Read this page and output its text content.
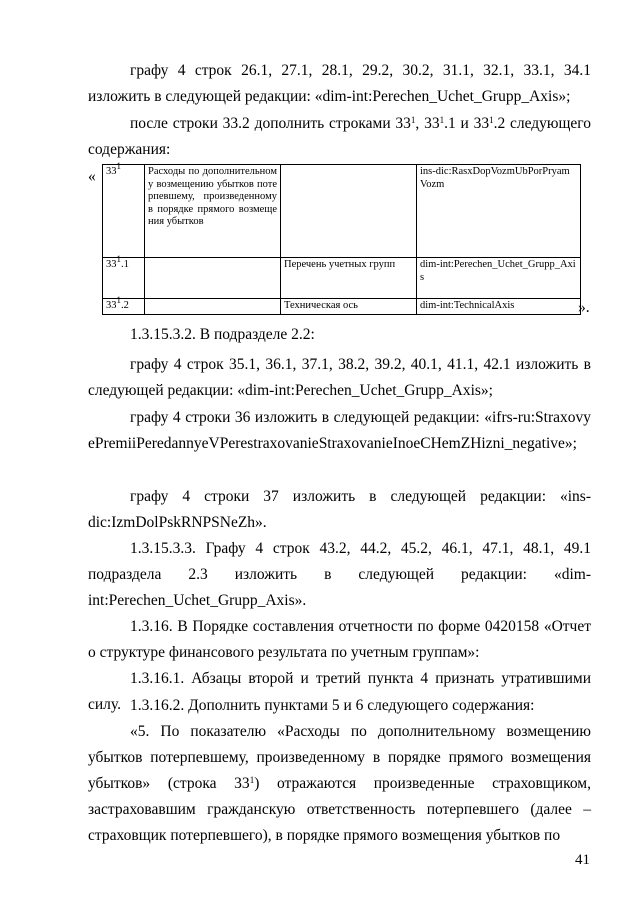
графу 4 строк 26.1, 27.1, 28.1, 29.2, 30.2, 31.1, 32.1, 33.1, 34.1 изложить в следующей редакции: «dim-int:Perechen_Uchet_Grupp_Axis»;
после строки 33.2 дополнить строками $33^1$, $33^1.1$ и $33^1.2$ следующего содержания:
« $33^1$	Расходы по дополнительному возмещению убытков потерпевшему, произведенному в порядке прямого возмещения убытков		ins-dic:RasxDopVozmUbPorPryamVozm
$33^1.1$		Перечень учетных групп	dim-int:Perechen_Uchet_Grupp_Axis
$33^1.2$		Техническая ось	dim-int:TechnicalAxis	».
1.3.15.3.2. В подразделе 2.2:
графу 4 строк 35.1, 36.1, 37.1, 38.2, 39.2, 40.1, 41.1, 42.1 изложить в следующей редакции: «dim-int:Perechen_Uchet_Grupp_Axis»;
графу 4 строки 36 изложить в следующей редакции: «ifrs-ru:StraxovyePremiiPeredannyeVPerestraxovanieStraxovanieInoeCHemZHizni_negative»;
графу 4 строки 37 изложить в следующей редакции: «ins-dic:IzmDolPskRNPSNeZh».
1.3.15.3.3. Графу 4 строк 43.2, 44.2, 45.2, 46.1, 47.1, 48.1, 49.1 подраздела 2.3 изложить в следующей редакции: «dim-int:Perechen_Uchet_Grupp_Axis».
1.3.16. В Порядке составления отчетности по форме 0420158 «Отчет о структуре финансового результата по учетным группам»:
1.3.16.1. Абзацы второй и третий пункта 4 признать утратившими силу. 1.3.16.2. Дополнить пунктами 5 и 6 следующего содержания:
«5. По показателю «Расходы по дополнительному возмещению убытков потерпевшему, произведенному в порядке прямого возмещения убытков» (строка $33^1$) отражаются произведенные страховщиком, застраховавшим гражданскую ответственность потерпевшего (далее – страховщик потерпевшего), в порядке прямого возмещения убытков по
41
